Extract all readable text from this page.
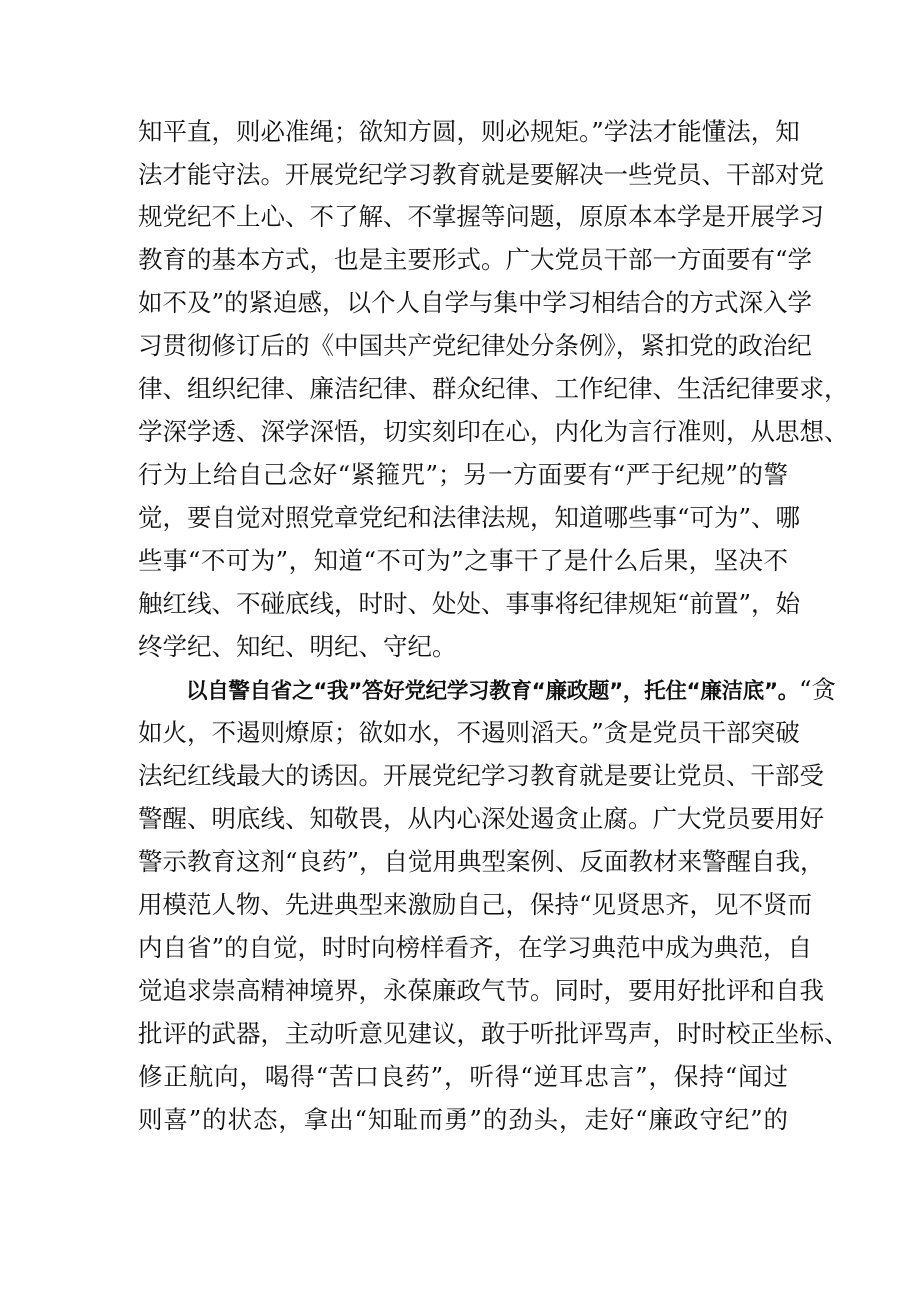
知平直，则必准绳；欲知方圆，则必规矩。”学法才能懂法，知
法才能守法。开展党纪学习教育就是要解决一些党员、干部对党
规党纪不上心、不了解、不掌握等问题，原原本本学是开展学习
教育的基本方式，也是主要形式。广大党员干部一方面要有“学
如不及”的紧迫感，以个人自学与集中学习相结合的方式深入学
习贯彻修订后的《中国共产党纪律处分条例》，紧扣党的政治纪
律、组织纪律、廉洁纪律、群众纪律、工作纪律、生活纪律要求，
学深学透、深学深悟，切实刻印在心，内化为言行准则，从思想、
行为上给自己念好“紧箍咒”；另一方面要有“严于纪规”的警
觉，要自觉对照党章党纪和法律法规，知道哪些事“可为”、哪
些事“不可为”，知道“不可为”之事干了是什么后果，坚决不
触红线、不碰底线，时时、处处、事事将纪律规矩“前置”，始
终学纪、知纪、明纪、守纪。
以自警自省之“我”答好党纪学习教育“廉政题”，托住“廉洁底”。“贪
如火，不遏则燎原；欲如水，不遏则滔天。”贪是党员干部突破
法纪红线最大的诱因。开展党纪学习教育就是要让党员、干部受
警醒、明底线、知敬畏，从内心深处遏贪止腐。广大党员要用好
警示教育这剂“良药”，自觉用典型案例、反面教材来警醒自我，
用模范人物、先进典型来激励自己，保持“见贤思齐，见不贤而
内自省”的自觉，时时向榜样看齐，在学习典范中成为典范，自
觉追求崇高精神境界，永葆廉政气节。同时，要用好批评和自我
批评的武器，主动听意见建议，敢于听批评骂声，时时校正坐标、
修正航向，喝得“苦口良药”，听得“逆耳忠言”，保持“闻过
则喜”的状态，拿出“知耻而勇”的劲头，走好“廉政守纪”的
